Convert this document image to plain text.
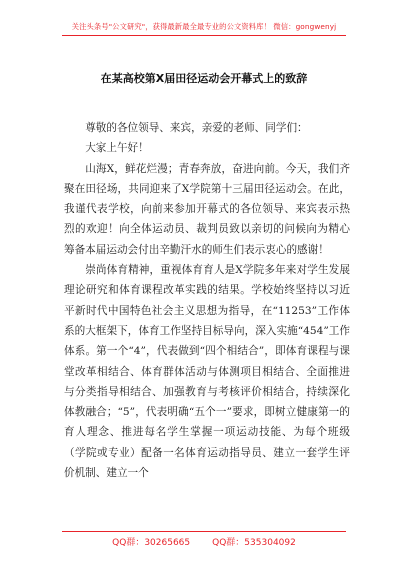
关注头条号"公文研究"，获得最新最全最专业的公文资料库！ 微信：gongwenyj
在某高校第X届田径运动会开幕式上的致辞

尊敬的各位领导、来宾，亲爱的老师、同学们：

大家上午好！

山海X，鲜花烂漫；青春奔放，奋进向前。今天，我们齐聚在田径场，共同迎来了X学院第十三届田径运动会。在此，我谨代表学校，向前来参加开幕式的各位领导、来宾表示热烈的欢迎！向全体运动员、裁判员致以亲切的问候向为精心筹备本届运动会付出辛勤汗水的师生们表示衷心的感谢！

崇尚体育精神，重视体育育人是X学院多年来对学生发展理论研究和体育课程改革实践的结果。学校始终坚持以习近平新时代中国特色社会主义思想为指导，在“11253”工作体系的大框架下，体育工作坚持目标导向，深入实施“454”工作体系。第一个“4”，代表做到“四个相结合”，即体育课程与课堂改革相结合、体育群体活动与体测项目相结合、全面推进与分类指导相结合、加强教育与考核评价相结合，持续深化体教融合；“5”，代表明确“五个一”要求，即树立健康第一的育人理念、推进每名学生掌握一项运动技能、为每个班级（学院或专业）配备一名体育运动指导员、建立一套学生评价机制、建立一个

QQ群：30265665 QQ群：535304092
